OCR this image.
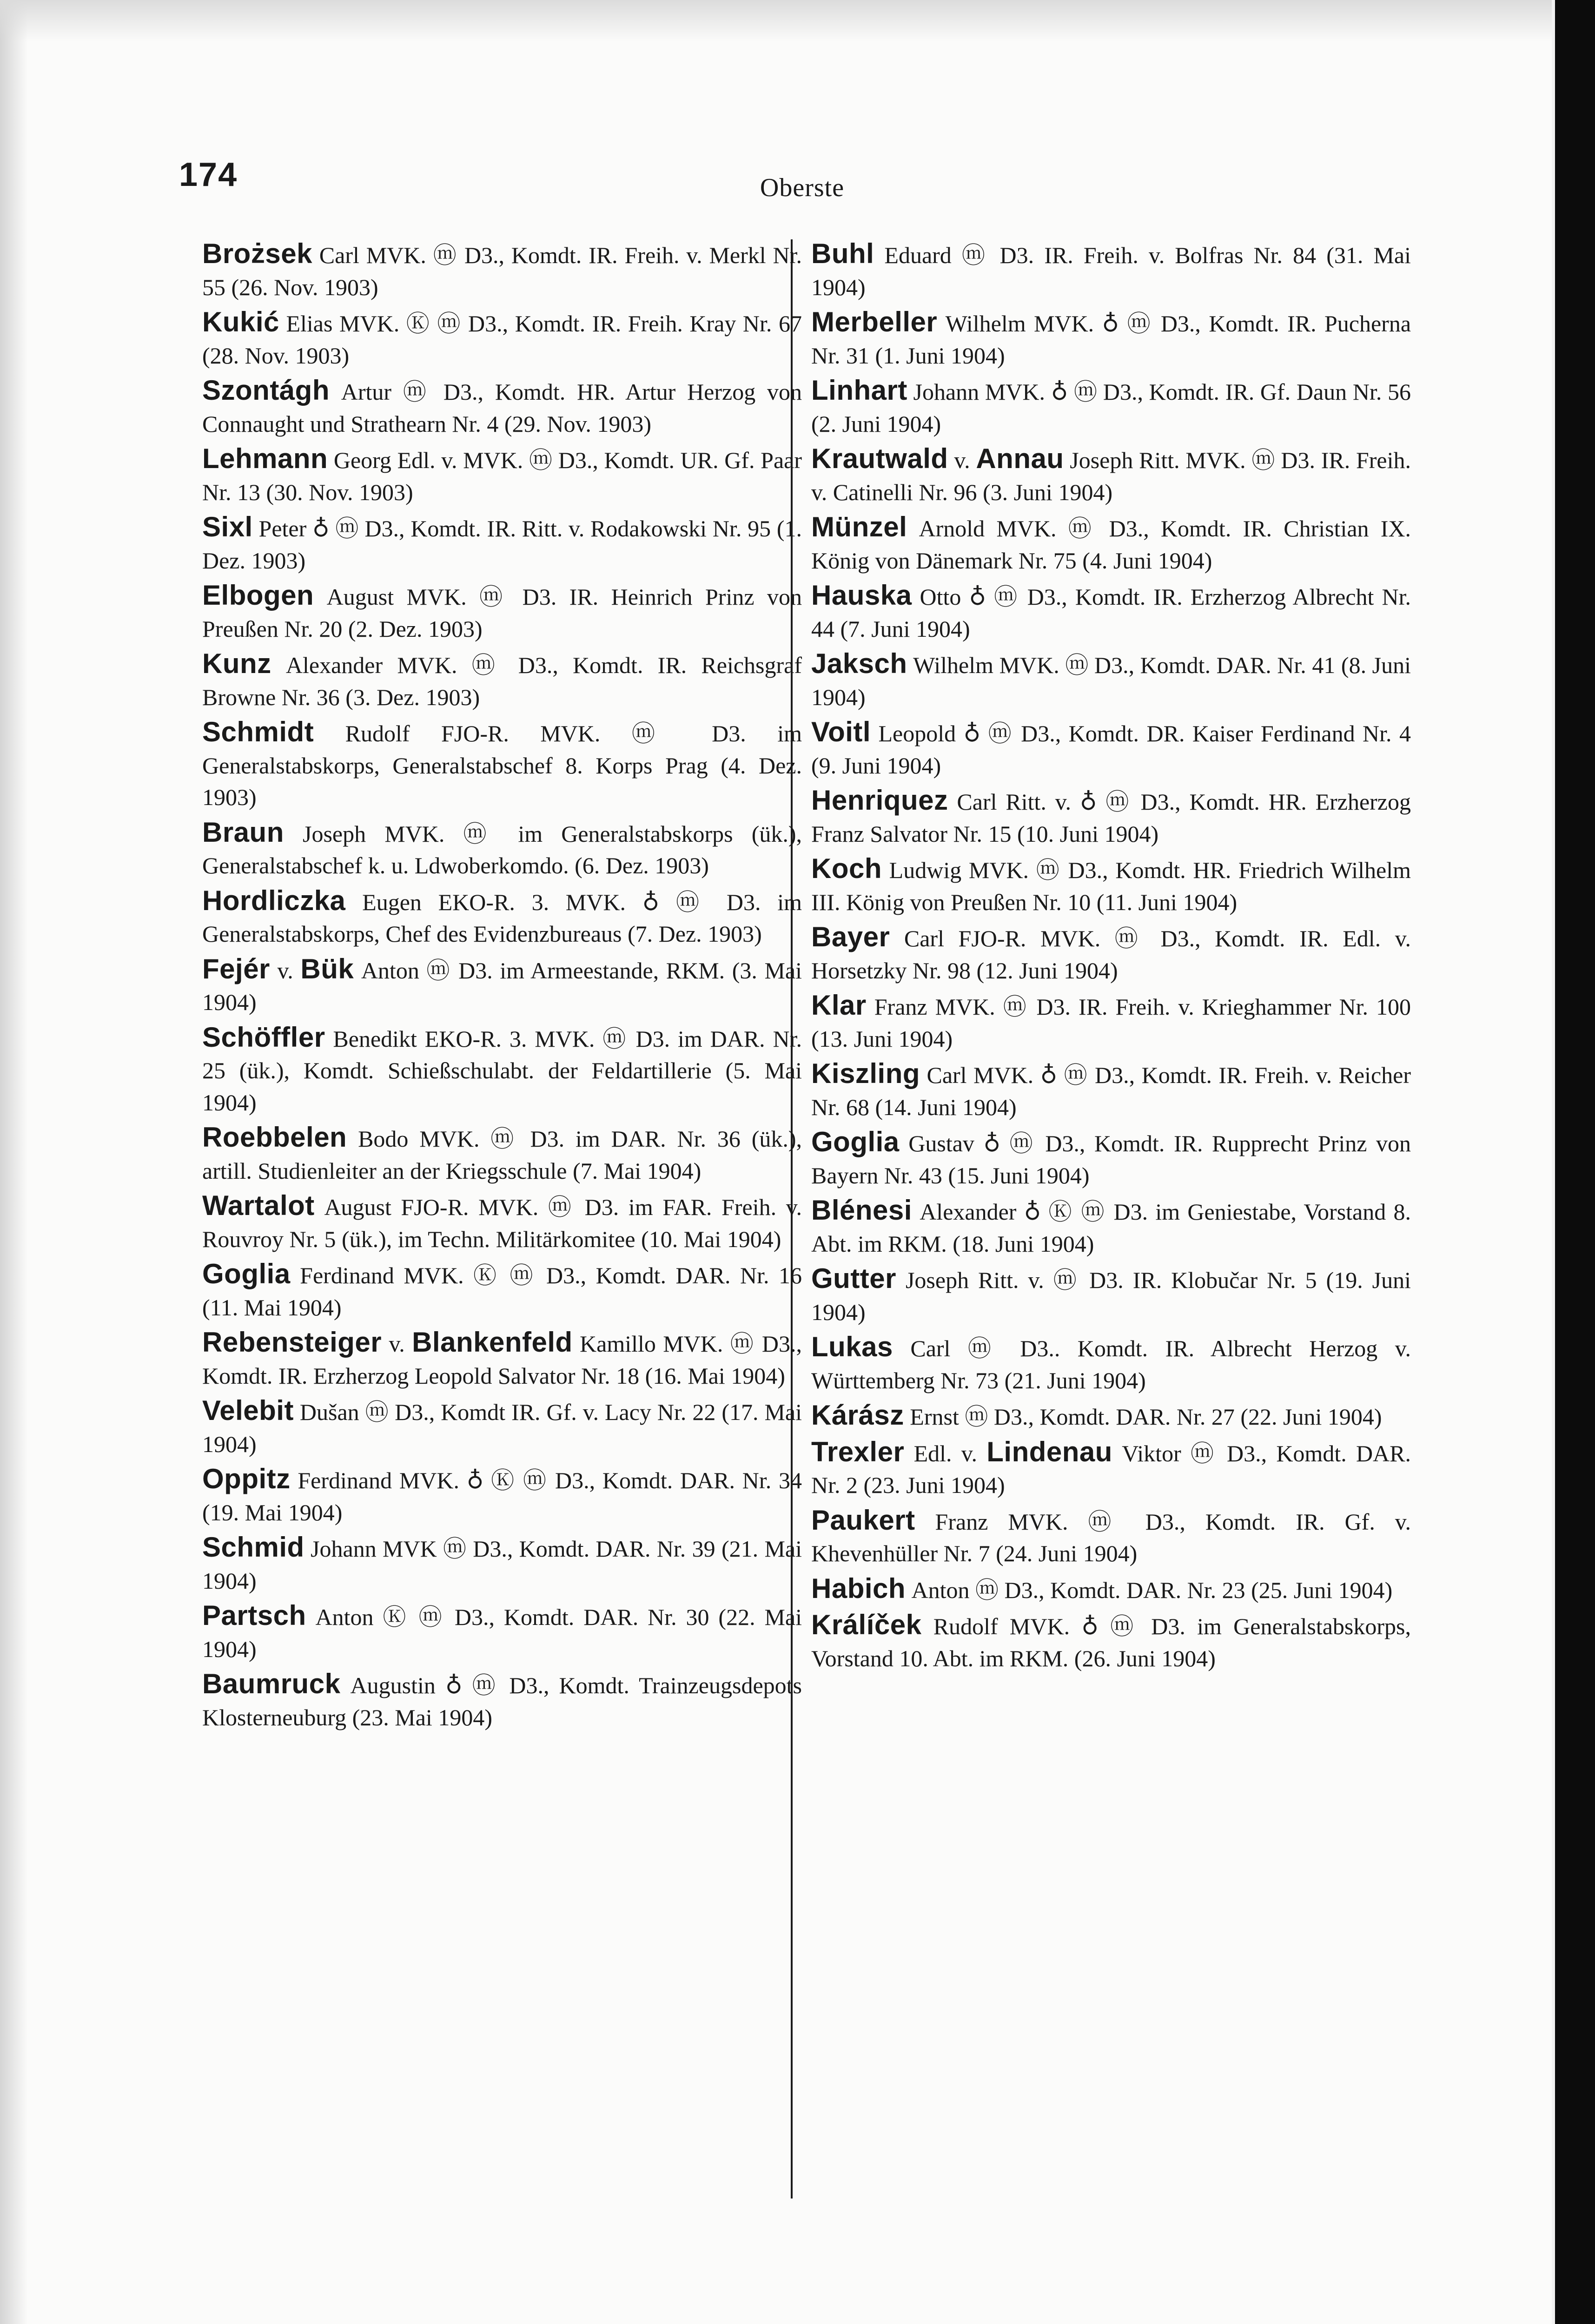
174	Oberste

Brożsek Carl MVK. ⓜ D3., Komdt. IR. Freih. v. Merkl Nr. 55 (26. Nov. 1903)

Kukić Elias MVK. Ⓚ ⓜ D3., Komdt. IR. Freih. Kray Nr. 67 (28. Nov. 1903)

Szontágh Artur ⓜ D3., Komdt. HR. Artur Herzog von Connaught und Strathearn Nr. 4 (29. Nov. 1903)

Lehmann Georg Edl. v. MVK. ⓜ D3., Komdt. UR. Gf. Paar Nr. 13 (30. Nov. 1903)

Sixl Peter ♁ ⓜ D3., Komdt. IR. Ritt. v. Rodakowski Nr. 95 (1. Dez. 1903)

Elbogen August MVK. ⓜ D3. IR. Heinrich Prinz von Preußen Nr. 20 (2. Dez. 1903)

Kunz Alexander MVK. ⓜ D3., Komdt. IR. Reichsgraf Browne Nr. 36 (3. Dez. 1903)

Schmidt Rudolf FJO-R. MVK. ⓜ D3. im Generalstabskorps, Generalstabschef 8. Korps Prag (4. Dez. 1903)

Braun Joseph MVK. ⓜ im Generalstabskorps (ük.), Generalstabschef k. u. Ldwoberkomdo. (6. Dez. 1903)

Hordliczka Eugen EKO-R. 3. MVK. ♁ ⓜ D3. im Generalstabskorps, Chef des Evidenzbureaus (7. Dez. 1903)

Fejér v. Bük Anton ⓜ D3. im Armeestande, RKM. (3. Mai 1904)

Schöffler Benedikt EKO-R. 3. MVK. ⓜ D3. im DAR. Nr. 25 (ük.), Komdt. Schießschulabt. der Feldartillerie (5. Mai 1904)

Roebbelen Bodo MVK. ⓜ D3. im DAR. Nr. 36 (ük.), artill. Studienleiter an der Kriegsschule (7. Mai 1904)

Wartalot August FJO-R. MVK. ⓜ D3. im FAR. Freih. v. Rouvroy Nr. 5 (ük.), im Techn. Militärkomitee (10. Mai 1904)

Goglia Ferdinand MVK. Ⓚ ⓜ D3., Komdt. DAR. Nr. 16 (11. Mai 1904)

Rebensteiger v. Blankenfeld Kamillo MVK. ⓜ D3., Komdt. IR. Erzherzog Leopold Salvator Nr. 18 (16. Mai 1904)

Velebit Dušan ⓜ D3., Komdt IR. Gf. v. Lacy Nr. 22 (17. Mai 1904)

Oppitz Ferdinand MVK. ♁ Ⓚ ⓜ D3., Komdt. DAR. Nr. 34 (19. Mai 1904)

Schmid Johann MVK ⓜ D3., Komdt. DAR. Nr. 39 (21. Mai 1904)

Partsch Anton Ⓚ ⓜ D3., Komdt. DAR. Nr. 30 (22. Mai 1904)

Baumruck Augustin ♁ ⓜ D3., Komdt. Trainzeugsdepots Klosterneuburg (23. Mai 1904)

Buhl Eduard ⓜ D3. IR. Freih. v. Bolfras Nr. 84 (31. Mai 1904)

Merbeller Wilhelm MVK. ♁ ⓜ D3., Komdt. IR. Pucherna Nr. 31 (1. Juni 1904)

Linhart Johann MVK. ♁ ⓜ D3., Komdt. IR. Gf. Daun Nr. 56 (2. Juni 1904)

Krautwald v. Annau Joseph Ritt. MVK. ⓜ D3. IR. Freih. v. Catinelli Nr. 96 (3. Juni 1904)

Münzel Arnold MVK. ⓜ D3., Komdt. IR. Christian IX. König von Dänemark Nr. 75 (4. Juni 1904)

Hauska Otto ♁ ⓜ D3., Komdt. IR. Erzherzog Albrecht Nr. 44 (7. Juni 1904)

Jaksch Wilhelm MVK. ⓜ D3., Komdt. DAR. Nr. 41 (8. Juni 1904)

Voitl Leopold ♁ ⓜ D3., Komdt. DR. Kaiser Ferdinand Nr. 4 (9. Juni 1904)

Henriquez Carl Ritt. v. ♁ ⓜ D3., Komdt. HR. Erzherzog Franz Salvator Nr. 15 (10. Juni 1904)

Koch Ludwig MVK. ⓜ D3., Komdt. HR. Friedrich Wilhelm III. König von Preußen Nr. 10 (11. Juni 1904)

Bayer Carl FJO-R. MVK. ⓜ D3., Komdt. IR. Edl. v. Horsetzky Nr. 98 (12. Juni 1904)

Klar Franz MVK. ⓜ D3. IR. Freih. v. Krieghammer Nr. 100 (13. Juni 1904)

Kiszling Carl MVK. ♁ ⓜ D3., Komdt. IR. Freih. v. Reicher Nr. 68 (14. Juni 1904)

Goglia Gustav ♁ ⓜ D3., Komdt. IR. Rupprecht Prinz von Bayern Nr. 43 (15. Juni 1904)

Blénesi Alexander ♁ Ⓚ ⓜ D3. im Geniestabe, Vorstand 8. Abt. im RKM. (18. Juni 1904)

Gutter Joseph Ritt. v. ⓜ D3. IR. Klobučar Nr. 5 (19. Juni 1904)

Lukas Carl ⓜ D3.. Komdt. IR. Albrecht Herzog v. Württemberg Nr. 73 (21. Juni 1904)

Kárász Ernst ⓜ D3., Komdt. DAR. Nr. 27 (22. Juni 1904)

Trexler Edl. v. Lindenau Viktor ⓜ D3., Komdt. DAR. Nr. 2 (23. Juni 1904)

Paukert Franz MVK. ⓜ D3., Komdt. IR. Gf. v. Khevenhüller Nr. 7 (24. Juni 1904)

Habich Anton ⓜ D3., Komdt. DAR. Nr. 23 (25. Juni 1904)

Králíček Rudolf MVK. ♁ ⓜ D3. im Generalstabskorps, Vorstand 10. Abt. im RKM. (26. Juni 1904)
